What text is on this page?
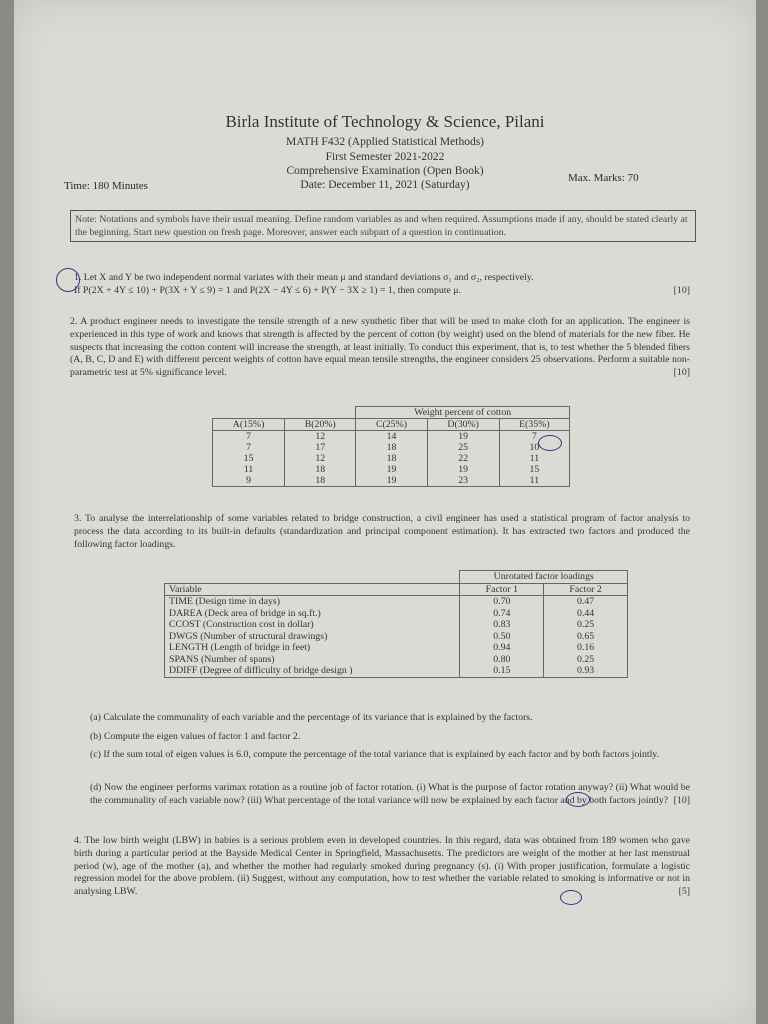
Birla Institute of Technology & Science, Pilani
MATH F432 (Applied Statistical Methods)
First Semester 2021-2022
Comprehensive Examination (Open Book)
Date: December 11, 2021 (Saturday)
Time: 180 Minutes
Max. Marks: 70
Note: Notations and symbols have their usual meaning. Define random variables as and when required. Assumptions made if any, should be stated clearly at the beginning. Start new question on fresh page. Moreover, answer each subpart of a question in continuation.
1. Let X and Y be two independent normal variates with their mean μ and standard deviations σ₁ and σ₂, respectively.
If P(2X + 4Y ≤ 10) + P(3X + Y ≤ 9) = 1 and P(2X − 4Y ≤ 6) + P(Y − 3X ≥ 1) = 1, then compute μ.	[10]
2. A product engineer needs to investigate the tensile strength of a new synthetic fiber that will be used to make cloth for an application. The engineer is experienced in this type of work and knows that strength is affected by the percent of cotton (by weight) used on the blend of materials for the new fiber. He suspects that increasing the cotton content will increase the strength, at least initially. To conduct this experiment, that is, to test whether the 5 blended fibers (A, B, C, D and E) with different percent weights of cotton have equal mean tensile strengths, the engineer considers 25 observations. Perform a suitable non-parametric test at 5% significance level.	[10]
		Weight percent of cotton		
A(15%)	B(20%)	C(25%)	D(30%)	E(35%)
7	12	14	19	7
7	17	18	25	10
15	12	18	22	11
11	18	19	19	15
9	18	19	23	11
3. To analyse the interrelationship of some variables related to bridge construction, a civil engineer has used a statistical program of factor analysis to process the data according to its built-in defaults (standardization and principal component estimation). It has extracted two factors and produced the following factor loadings.
	Unrotated factor loadings	
Variable	Factor 1	Factor 2
TIME (Design time in days)	0.70	0.47
DAREA (Deck area of bridge in sq.ft.)	0.74	0.44
CCOST (Construction cost in dollar)	0.83	0.25
DWGS (Number of structural drawings)	0.50	0.65
LENGTH (Length of bridge in feet)	0.94	0.16
SPANS (Number of spans)	0.80	0.25
DDIFF (Degree of difficulty of bridge design )	0.15	0.93
(a) Calculate the communality of each variable and the percentage of its variance that is explained by the factors.
(b) Compute the eigen values of factor 1 and factor 2.
(c) If the sum total of eigen values is 6.0, compute the percentage of the total variance that is explained by each factor and by both factors jointly.
(d) Now the engineer performs varimax rotation as a routine job of factor rotation. (i) What is the purpose of factor rotation anyway? (ii) What would be the communality of each variable now? (iii) What percentage of the total variance will now be explained by each factor and by both factors jointly? [10]
4. The low birth weight (LBW) in babies is a serious problem even in developed countries. In this regard, data was obtained from 189 women who gave birth during a particular period at the Bayside Medical Center in Springfield, Massachusetts. The predictors are weight of the mother at her last menstrual period (w), age of the mother (a), and whether the mother had regularly smoked during pregnancy (s). (i) With proper justification, formulate a logistic regression model for the above problem. (ii) Suggest, without any computation, how to test whether the variable related to smoking is informative or not in analysing LBW.	[5]
